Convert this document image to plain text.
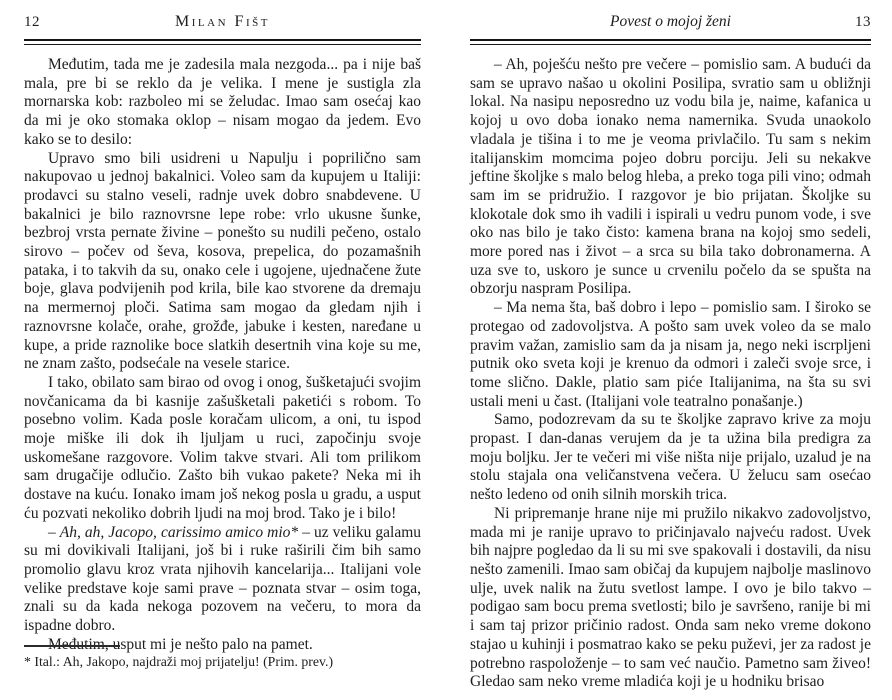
12	Milan Fišt

Međutim, tada me je zadesila mala nezgoda... pa i nije baš mala, pre bi se reklo da je velika. I mene je sustigla zla mornarska kob: razboleo mi se želudac. Imao sam osećaj kao da mi je oko stomaka oklop – nisam mogao da jedem. Evo kako se to desilo:

Upravo smo bili usidreni u Napulju i poprilično sam nakupovao u jednoj bakalnici. Voleo sam da kupujem u Italiji: prodavci su stalno veseli, radnje uvek dobro snabdevene. U bakalnici je bilo raznovrsne lepe robe: vrlo ukusne šunke, bezbroj vrsta pernate živine – ponešto su nudili pečeno, ostalo sirovo – počev od ševa, kosova, prepelica, do pozamašnih pataka, i to takvih da su, onako cele i ugojene, ujednačene žute boje, glava podvijenih pod krila, bile kao stvorene da dremaju na mermernoj ploči. Satima sam mogao da gledam njih i raznovrsne kolače, orahe, grožđe, jabuke i kesten, naređane u kupe, a pride raznolike boce slatkih desertnih vina koje su me, ne znam zašto, podsećale na vesele starice.

I tako, obilato sam birao od ovog i onog, šušketajući svojim novčanicama da bi kasnije zašušketali paketići s robom. To posebno volim. Kada posle koračam ulicom, a oni, tu ispod moje miške ili dok ih ljuljam u ruci, započinju svoje uskomešane razgovore. Volim takve stvari. Ali tom prilikom sam drugačije odlučio. Zašto bih vukao pakete? Neka mi ih dostave na kuću. Ionako imam još nekog posla u gradu, a usput ću pozvati nekoliko dobrih ljudi na moj brod. Tako je i bilo!

– Ah, ah, Jacopo, carissimo amico mio* – uz veliku galamu su mi dovikivali Italijani, još bi i ruke raširili čim bih samo promolio glavu kroz vrata njihovih kancelarija... Italijani vole velike predstave koje sami prave – poznata stvar – osim toga, znali su da kada nekoga pozovem na večeru, to mora da ispadne dobro.

Međutim, usput mi je nešto palo na pamet.

* Ital.: Ah, Jakopo, najdraži moj prijatelju! (Prim. prev.)
Povest o mojoj ženi	13

– Ah, poješću nešto pre večere – pomislio sam. A budući da sam se upravo našao u okolini Posilipa, svratio sam u obližnji lokal. Na nasipu neposredno uz vodu bila je, naime, kafanica u kojoj u ovo doba ionako nema namernika. Svuda unaokolo vladala je tišina i to me je veoma privlačilo. Tu sam s nekim italijanskim momcima pojeo dobru porciju. Jeli su nekakve jeftine školjke s malo belog hleba, a preko toga pili vino; odmah sam im se pridružio. I razgovor je bio prijatan. Školjke su klokotale dok smo ih vadili i ispirali u vedru punom vode, i sve oko nas bilo je tako čisto: kamena brana na kojoj smo sedeli, more pored nas i život – a srca su bila tako dobronamerna. A uza sve to, uskoro je sunce u crvenilu počelo da se spušta na obzorju naspram Posilipa.

– Ma nema šta, baš dobro i lepo – pomislio sam. I široko se protegao od zadovoljstva. A pošto sam uvek voleo da se malo pravim važan, zamislio sam da ja nisam ja, nego neki iscrpljeni putnik oko sveta koji je krenuo da odmori i zaleči svoje srce, i tome slično. Dakle, platio sam piće Italijanima, na šta su svi ustali meni u čast. (Italijani vole teatralno ponašanje.)

Samo, podozrevam da su te školjke zapravo krive za moju propast. I dan-danas verujem da je ta užina bila predigra za moju boljku. Jer te večeri mi više ništa nije prijalo, uzalud je na stolu stajala ona veličanstvena večera. U želucu sam osećao nešto ledeno od onih silnih morskih trica.

Ni pripremanje hrane nije mi pružilo nikakvo zadovoljstvo, mada mi je ranije upravo to pričinjavalo najveću radost. Uvek bih najpre pogledao da li su mi sve spakovali i dostavili, da nisu nešto zamenili. Imao sam običaj da kupujem najbolje maslinovo ulje, uvek nalik na žutu svetlost lampe. I ovo je bilo takvo – podigao sam bocu prema svetlosti; bilo je savršeno, ranije bi mi i sam taj prizor pričinio radost. Onda sam neko vreme dokono stajao u kuhinji i posmatrao kako se peku puževi, jer za radost je potrebno raspoloženje – to sam već naučio. Pametno sam živeo! Gledao sam neko vreme mladića koji je u hodniku brisao
